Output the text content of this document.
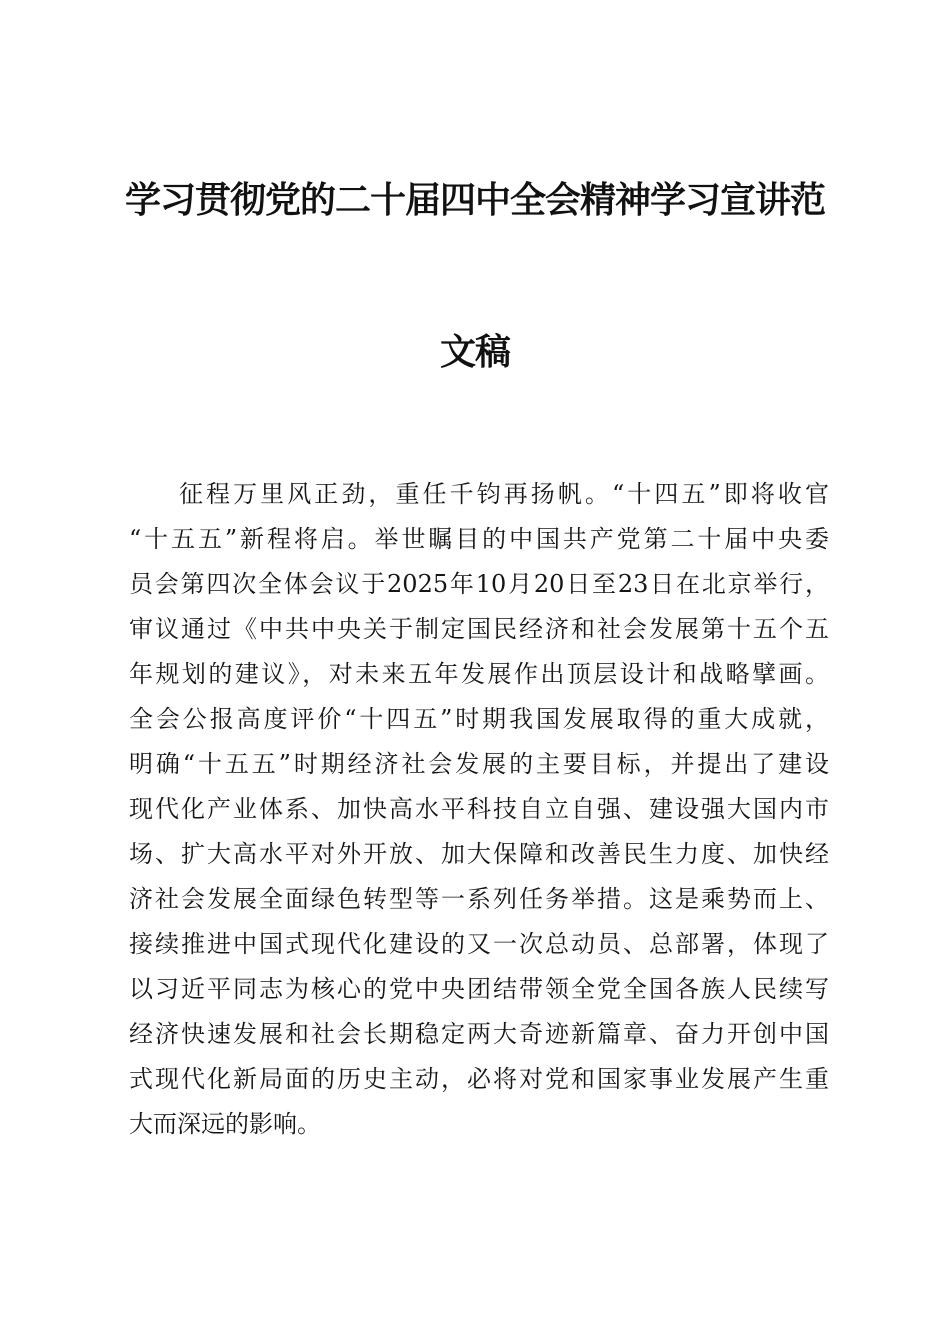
学习贯彻党的二十届四中全会精神学习宣讲范
文稿
征程万里风正劲，重任千钧再扬帆。“十四五”即将收官
“十五五”新程将启。举世瞩目的中国共产党第二十届中央委
员会第四次全体会议于2025年10月20日至23日在北京举行，
审议通过《中共中央关于制定国民经济和社会发展第十五个五
年规划的建议》，对未来五年发展作出顶层设计和战略擘画。
全会公报高度评价“十四五”时期我国发展取得的重大成就，
明确“十五五”时期经济社会发展的主要目标，并提出了建设
现代化产业体系、加快高水平科技自立自强、建设强大国内市
场、扩大高水平对外开放、加大保障和改善民生力度、加快经
济社会发展全面绿色转型等一系列任务举措。这是乘势而上、
接续推进中国式现代化建设的又一次总动员、总部署，体现了
以习近平同志为核心的党中央团结带领全党全国各族人民续写
经济快速发展和社会长期稳定两大奇迹新篇章、奋力开创中国
式现代化新局面的历史主动，必将对党和国家事业发展产生重
大而深远的影响。
